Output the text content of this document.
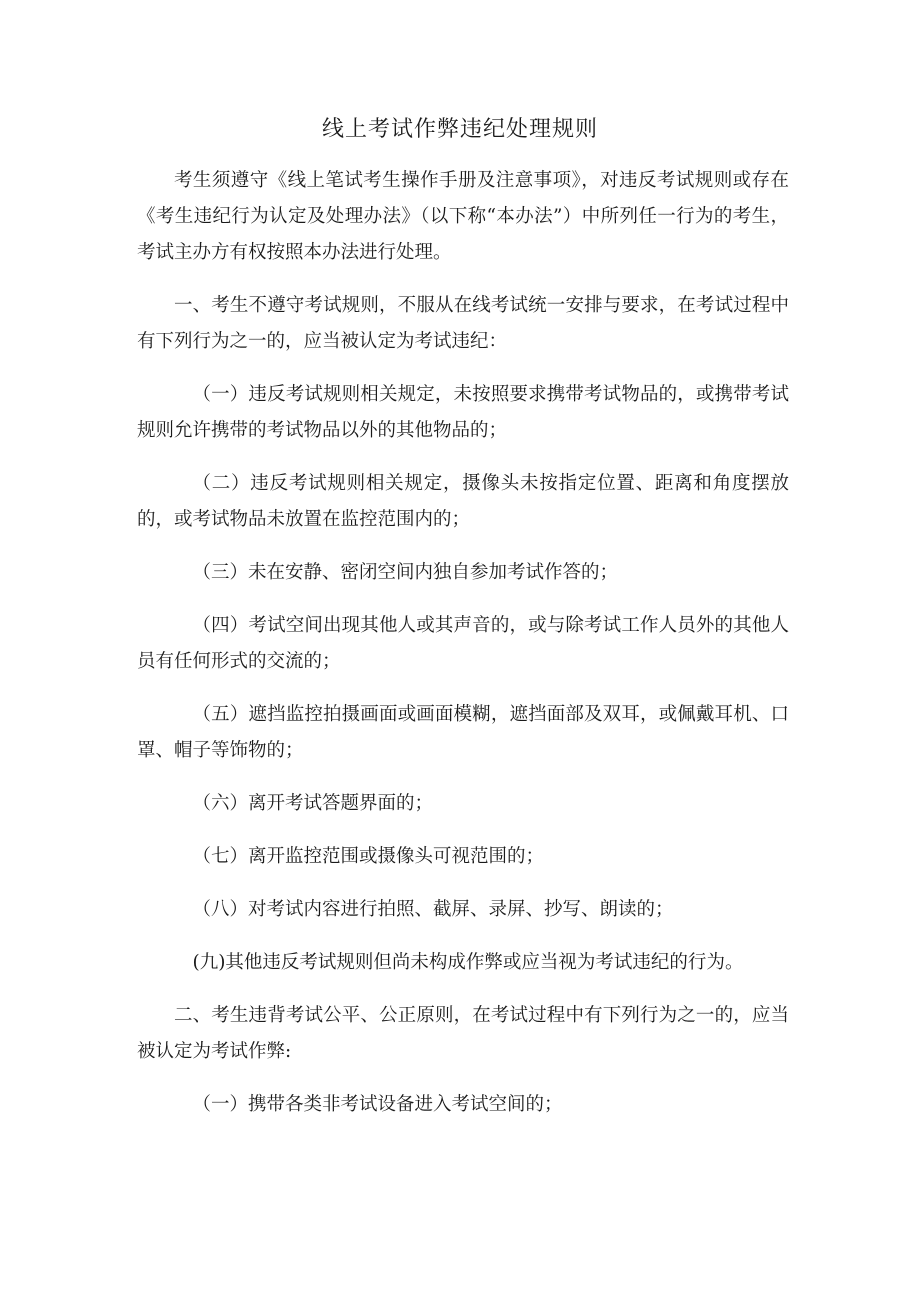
线上考试作弊违纪处理规则

考生须遵守《线上笔试考生操作手册及注意事项》，对违反考试规则或存在《考生违纪行为认定及处理办法》（以下称“本办法”）中所列任一行为的考生，考试主办方有权按照本办法进行处理。

一、考生不遵守考试规则，不服从在线考试统一安排与要求，在考试过程中有下列行为之一的，应当被认定为考试违纪：

（一）违反考试规则相关规定，未按照要求携带考试物品的，或携带考试规则允许携带的考试物品以外的其他物品的；

（二）违反考试规则相关规定，摄像头未按指定位置、距离和角度摆放的，或考试物品未放置在监控范围内的；

（三）未在安静、密闭空间内独自参加考试作答的；

（四）考试空间出现其他人或其声音的，或与除考试工作人员外的其他人员有任何形式的交流的；

（五）遮挡监控拍摄画面或画面模糊，遮挡面部及双耳，或佩戴耳机、口罩、帽子等饰物的；

（六）离开考试答题界面的；

（七）离开监控范围或摄像头可视范围的；

（八）对考试内容进行拍照、截屏、录屏、抄写、朗读的；

(九)其他违反考试规则但尚未构成作弊或应当视为考试违纪的行为。

二、考生违背考试公平、公正原则，在考试过程中有下列行为之一的，应当被认定为考试作弊:

（一）携带各类非考试设备进入考试空间的；
